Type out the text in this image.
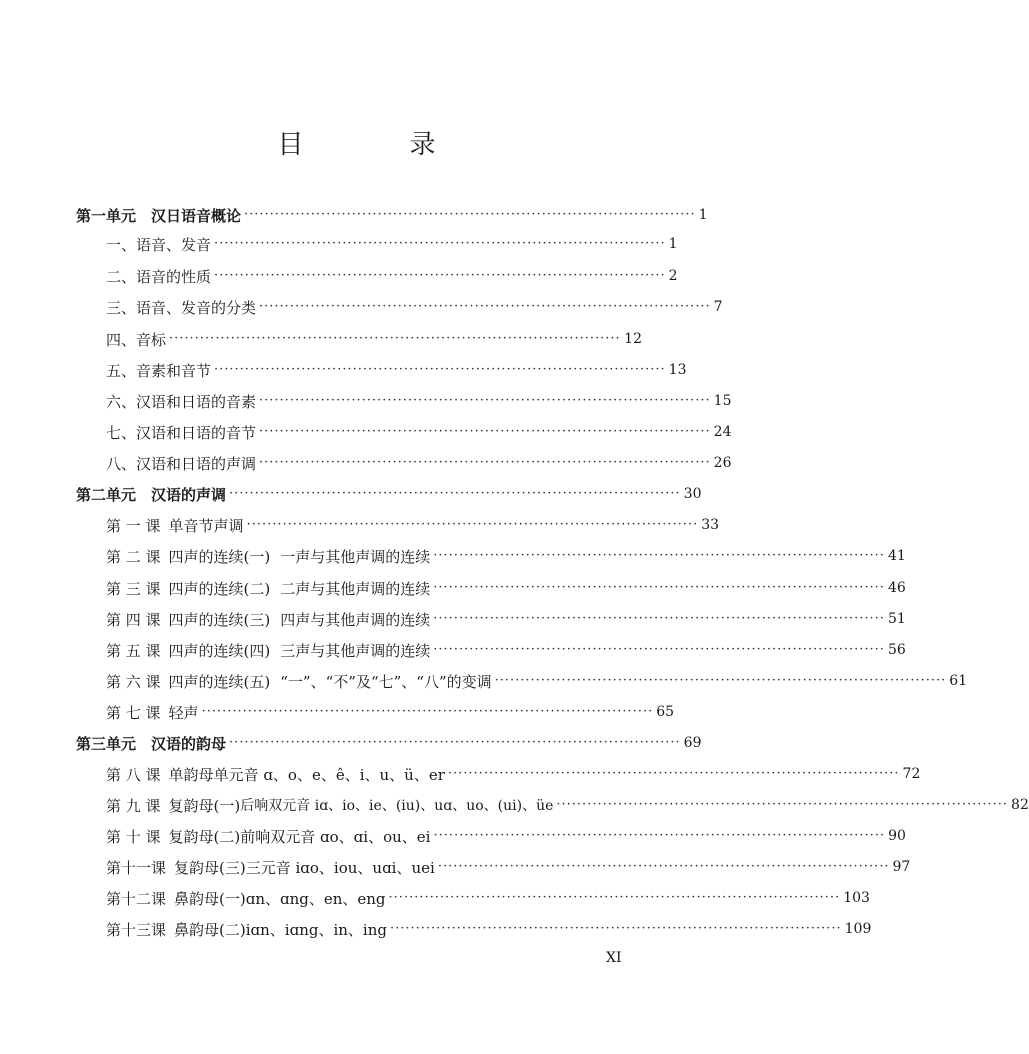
目　录
第一单元　汉日语音概论 ························································································ 1
一、语音、发音 ························································································ 1
二、语音的性质 ························································································ 2
三、语音、发音的分类 ························································································ 7
四、音标 ························································································ 12
五、音素和音节 ························································································ 13
六、汉语和日语的音素 ························································································ 15
七、汉语和日语的音节 ························································································ 24
八、汉语和日语的声调 ························································································ 26
第二单元　汉语的声调 ························································································ 30
第 一 课 单音节声调 ························································································ 33
第 二 课 四声的连续(一) 一声与其他声调的连续 ························································································ 41
第 三 课 四声的连续(二) 二声与其他声调的连续 ························································································ 46
第 四 课 四声的连续(三) 四声与其他声调的连续 ························································································ 51
第 五 课 四声的连续(四) 三声与其他声调的连续 ························································································ 56
第 六 课 四声的连续(五) “一”、“不”及“七”、“八”的变调 ························································································ 61
第 七 课 轻声 ························································································ 65
第三单元　汉语的韵母 ························································································ 69
第 八 课 单韵母 单元音 ɑ、o、e、ê、i、u、ü、er ························································································ 72
第 九 课 复韵母(一) 后响双元音 iɑ、io、ie、(iu)、uɑ、uo、(ui)、üe ························································································ 82
第 十 课 复韵母(二) 前响双元音 ɑo、ɑi、ou、ei ························································································ 90
第十一课 复韵母(三) 三元音 iɑo、iou、uɑi、uei ························································································ 97
第十二课 鼻韵母(一) ɑn、ɑng、en、eng ························································································ 103
第十三课 鼻韵母(二) iɑn、iɑng、in、ing ························································································ 109
XI
